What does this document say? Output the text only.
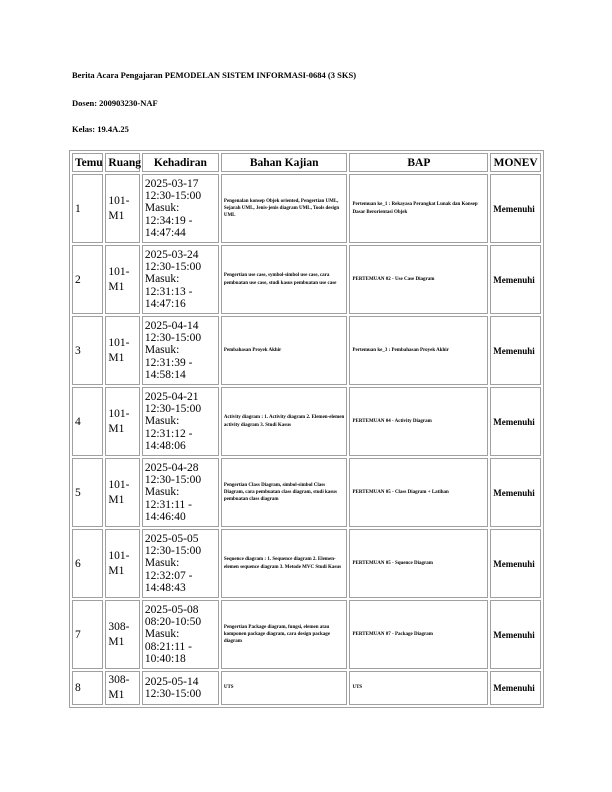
Berita Acara Pengajaran PEMODELAN SISTEM INFORMASI-0684 (3 SKS)
Dosen: 200903230-NAF
Kelas: 19.4A.25
Temu	Ruang	Kehadiran	Bahan Kajian	BAP	MONEV
1	101-M1	2025-03-17 12:30-15:00 Masuk: 12:34:19 - 14:47:44	Pengenalan konsep Objek oriented, Pengertian UML, Sejarah UML, Jenis-jenis diagram UML, Tools design UML	Pertemuan ke_1 : Rekayasa Perangkat Lunak dan Konsep Dasar Berorientasi Objek	Memenuhi
2	101-M1	2025-03-24 12:30-15:00 Masuk: 12:31:13 - 14:47:16	Pengertian use case, symbol-simbol use case, cara pembuatan use case, studi kasus pembuatan use case	PERTEMUAN 02 - Use Case Diagram	Memenuhi
3	101-M1	2025-04-14 12:30-15:00 Masuk: 12:31:39 - 14:58:14	Pembahasan Proyek Akhir	Pertemuan ke_3 : Pembahasan Proyek Akhir	Memenuhi
4	101-M1	2025-04-21 12:30-15:00 Masuk: 12:31:12 - 14:48:06	Activity diagram : 1. Activity diagram 2. Elemen-elemen activity diagram 3. Studi Kasus	PERTEMUAN 04 - Activity Diagram	Memenuhi
5	101-M1	2025-04-28 12:30-15:00 Masuk: 12:31:11 - 14:46:40	Pengertian Class Diagram, simbol-simbol Class Diagram, cara pembuatan class diagram, studi kasus pembuatan class diagram	PERTEMUAN 05 - Class Diagram + Latihan	Memenuhi
6	101-M1	2025-05-05 12:30-15:00 Masuk: 12:32:07 - 14:48:43	Sequence diagram : 1. Sequence diagram 2. Elemen-elemen sequence diagram 3. Metode MVC Studi Kasus	PERTEMUAN 05 - Squence Diagram	Memenuhi
7	308-M1	2025-05-08 08:20-10:50 Masuk: 08:21:11 - 10:40:18	Pengertian Package diagram, fungsi, elemen atau komponen package diagram, cara design package diagram	PERTEMUAN 07 - Package Diagram	Memenuhi
8	308-M1	2025-05-14 12:30-15:00	UTS	UTS	Memenuhi
